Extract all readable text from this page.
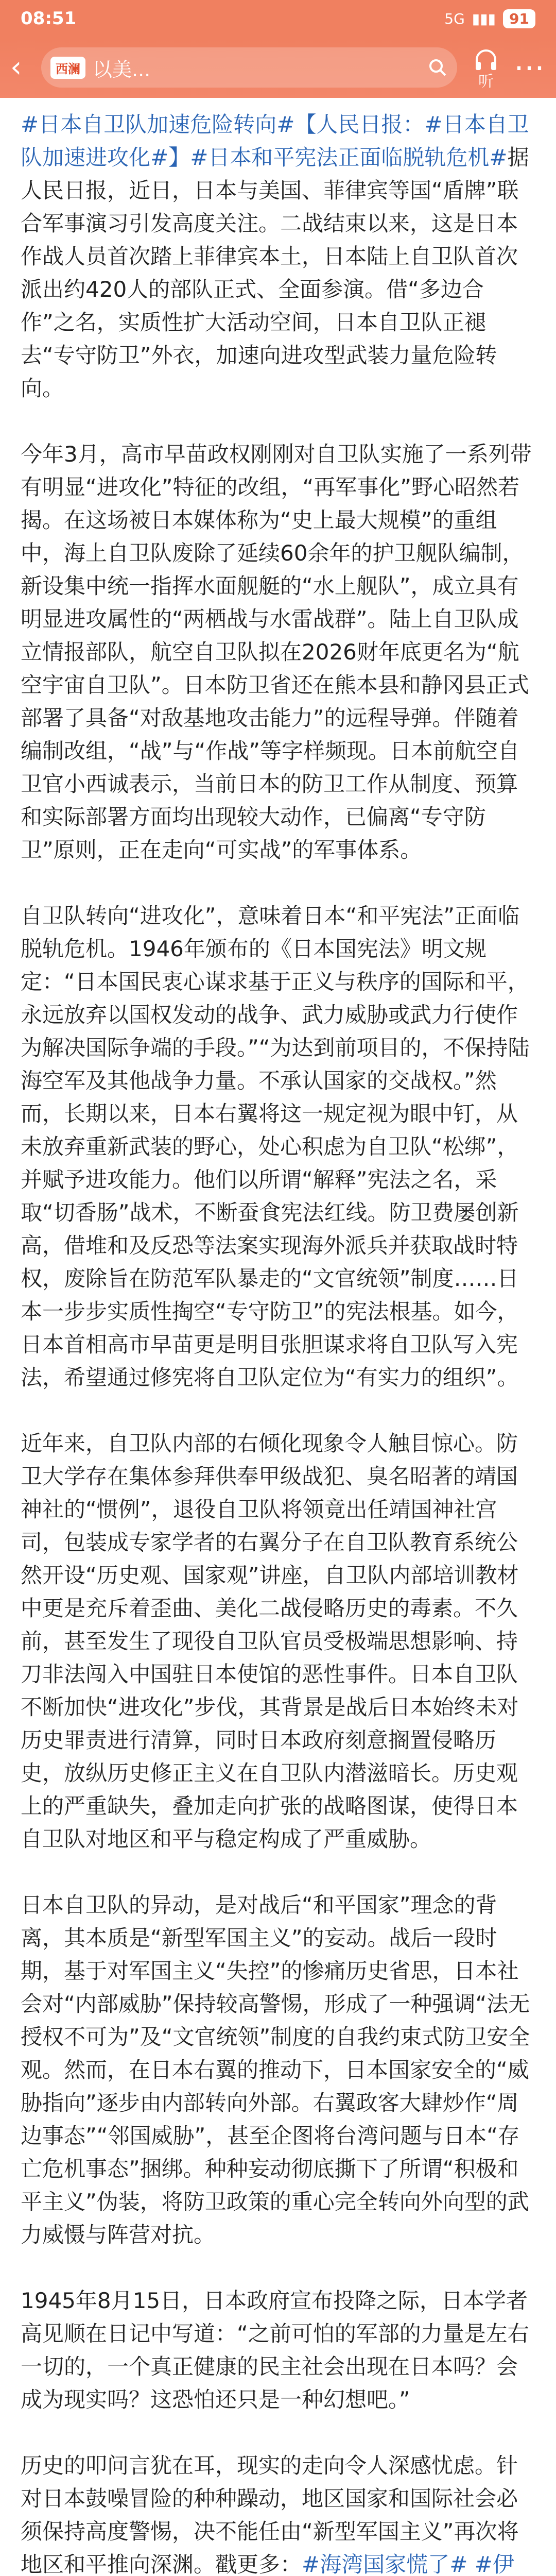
08:51	5G ▮▮▮ 91
‹	西澜 以美...
听 ⋯

#日本自卫队加速危险转向#【人民日报：#日本自卫队加速进攻化#】#日本和平宪法正面临脱轨危机#据人民日报，近日，日本与美国、菲律宾等国“盾牌”联合军事演习引发高度关注。二战结束以来，这是日本作战人员首次踏上菲律宾本土，日本陆上自卫队首次派出约420人的部队正式、全面参演。借“多边合作”之名，实质性扩大活动空间，日本自卫队正褪去“专守防卫”外衣，加速向进攻型武装力量危险转向。

今年3月，高市早苗政权刚刚对自卫队实施了一系列带有明显“进攻化”特征的改组，“再军事化”野心昭然若揭。在这场被日本媒体称为“史上最大规模”的重组中，海上自卫队废除了延续60余年的护卫舰队编制，新设集中统一指挥水面舰艇的“水上舰队”，成立具有明显进攻属性的“两栖战与水雷战群”。陆上自卫队成立情报部队，航空自卫队拟在2026财年底更名为“航空宇宙自卫队”。日本防卫省还在熊本县和静冈县正式部署了具备“对敌基地攻击能力”的远程导弹。伴随着编制改组，“战”与“作战”等字样频现。日本前航空自卫官小西诚表示，当前日本的防卫工作从制度、预算和实际部署方面均出现较大动作，已偏离“专守防卫”原则，正在走向“可实战”的军事体系。

自卫队转向“进攻化”，意味着日本“和平宪法”正面临脱轨危机。1946年颁布的《日本国宪法》明文规定：“日本国民衷心谋求基于正义与秩序的国际和平，永远放弃以国权发动的战争、武力威胁或武力行使作为解决国际争端的手段。”“为达到前项目的，不保持陆海空军及其他战争力量。不承认国家的交战权。”然而，长期以来，日本右翼将这一规定视为眼中钉，从未放弃重新武装的野心，处心积虑为自卫队“松绑”，并赋予进攻能力。他们以所谓“解释”宪法之名，采取“切香肠”战术，不断蚕食宪法红线。防卫费屡创新高，借堆和及反恐等法案实现海外派兵并获取战时特权，废除旨在防范军队暴走的“文官统领”制度……日本一步步实质性掏空“专守防卫”的宪法根基。如今，日本首相高市早苗更是明目张胆谋求将自卫队写入宪法，希望通过修宪将自卫队定位为“有实力的组织”。

近年来，自卫队内部的右倾化现象令人触目惊心。防卫大学存在集体参拜供奉甲级战犯、臭名昭著的靖国神社的“惯例”，退役自卫队将领竟出任靖国神社宫司，包装成专家学者的右翼分子在自卫队教育系统公然开设“历史观、国家观”讲座，自卫队内部培训教材中更是充斥着歪曲、美化二战侵略历史的毒素。不久前，甚至发生了现役自卫队官员受极端思想影响、持刀非法闯入中国驻日本使馆的恶性事件。日本自卫队不断加快“进攻化”步伐，其背景是战后日本始终未对历史罪责进行清算，同时日本政府刻意搁置侵略历史，放纵历史修正主义在自卫队内潜滋暗长。历史观上的严重缺失，叠加走向扩张的战略图谋，使得日本自卫队对地区和平与稳定构成了严重威胁。

日本自卫队的异动，是对战后“和平国家”理念的背离，其本质是“新型军国主义”的妄动。战后一段时期，基于对军国主义“失控”的惨痛历史省思，日本社会对“内部威胁”保持较高警惕，形成了一种强调“法无授权不可为”及“文官统领”制度的自我约束式防卫安全观。然而，在日本右翼的推动下，日本国家安全的“威胁指向”逐步由内部转向外部。右翼政客大肆炒作“周边事态”“邻国威胁”，甚至企图将台湾问题与日本“存亡危机事态”捆绑。种种妄动彻底撕下了所谓“积极和平主义”伪装，将防卫政策的重心完全转向外向型的武力威慑与阵营对抗。

1945年8月15日，日本政府宣布投降之际，日本学者高见顺在日记中写道：“之前可怕的军部的力量是左右一切的，一个真正健康的民主社会出现在日本吗？会成为现实吗？这恐怕还只是一种幻想吧。”

历史的叩问言犹在耳，现实的走向令人深感忧虑。针对日本鼓噪冒险的种种躁动，地区国家和国际社会必须保持高度警惕，决不能任由“新型军国主义”再次将地区和平推向深渊。戳更多：#海湾国家慌了# #伊
